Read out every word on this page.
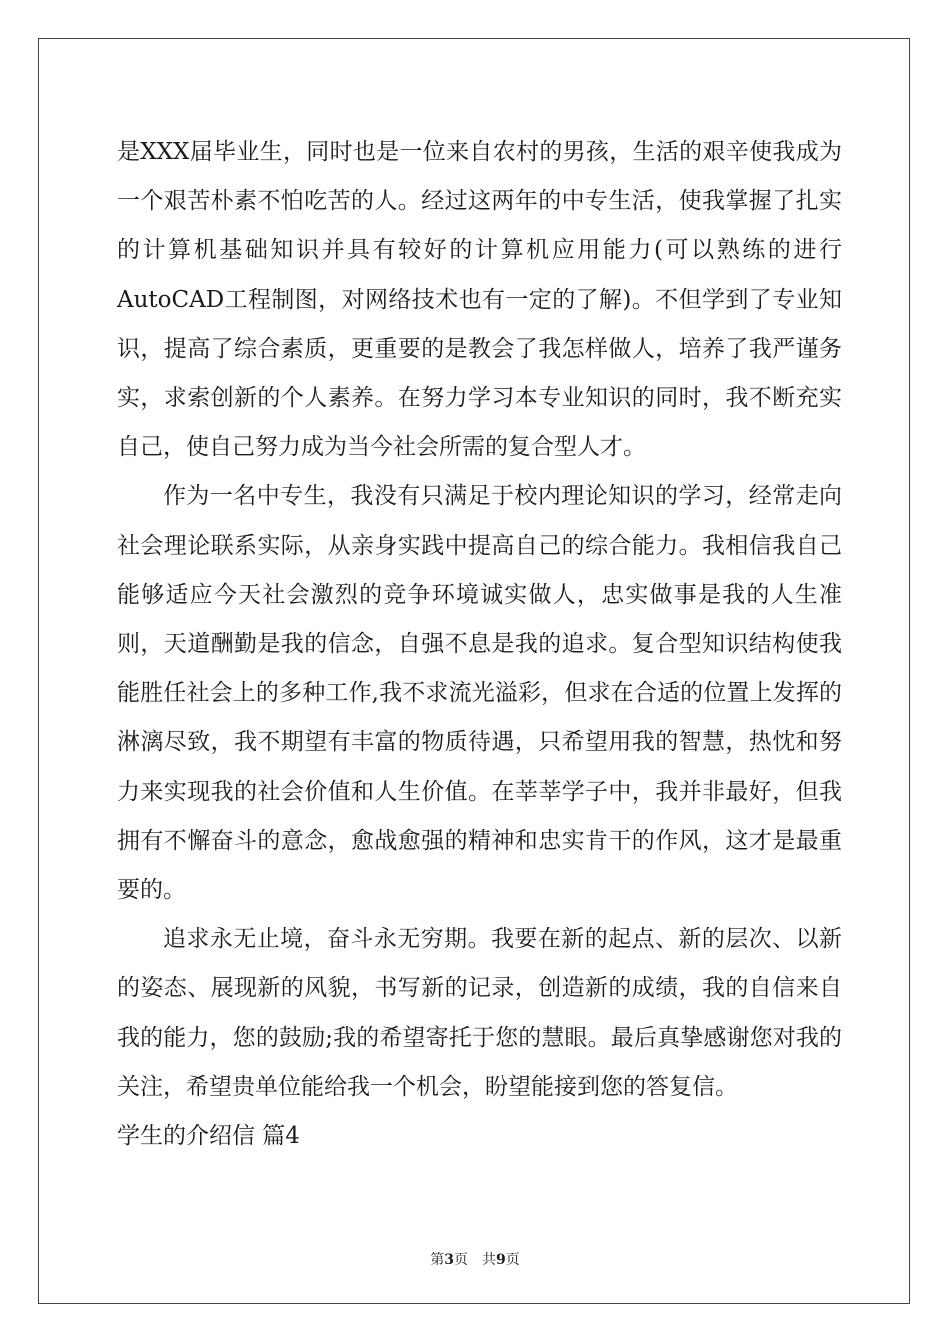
是XXX届毕业生，同时也是一位来自农村的男孩，生活的艰辛使我成为一个艰苦朴素不怕吃苦的人。经过这两年的中专生活，使我掌握了扎实的计算机基础知识并具有较好的计算机应用能力(可以熟练的进行AutoCAD工程制图，对网络技术也有一定的了解)。不但学到了专业知识，提高了综合素质，更重要的是教会了我怎样做人，培养了我严谨务实，求索创新的个人素养。在努力学习本专业知识的同时，我不断充实自己，使自己努力成为当今社会所需的复合型人才。

作为一名中专生，我没有只满足于校内理论知识的学习，经常走向社会理论联系实际，从亲身实践中提高自己的综合能力。我相信我自己能够适应今天社会激烈的竞争环境诚实做人，忠实做事是我的人生准则，天道酬勤是我的信念，自强不息是我的追求。复合型知识结构使我能胜任社会上的多种工作,我不求流光溢彩，但求在合适的位置上发挥的淋漓尽致，我不期望有丰富的物质待遇，只希望用我的智慧，热忱和努力来实现我的社会价值和人生价值。在莘莘学子中，我并非最好，但我拥有不懈奋斗的意念，愈战愈强的精神和忠实肯干的作风，这才是最重要的。

追求永无止境，奋斗永无穷期。我要在新的起点、新的层次、以新的姿态、展现新的风貌，书写新的记录，创造新的成绩，我的自信来自我的能力，您的鼓励;我的希望寄托于您的慧眼。最后真挚感谢您对我的关注，希望贵单位能给我一个机会，盼望能接到您的答复信。

学生的介绍信 篇4

第3页 共9页
